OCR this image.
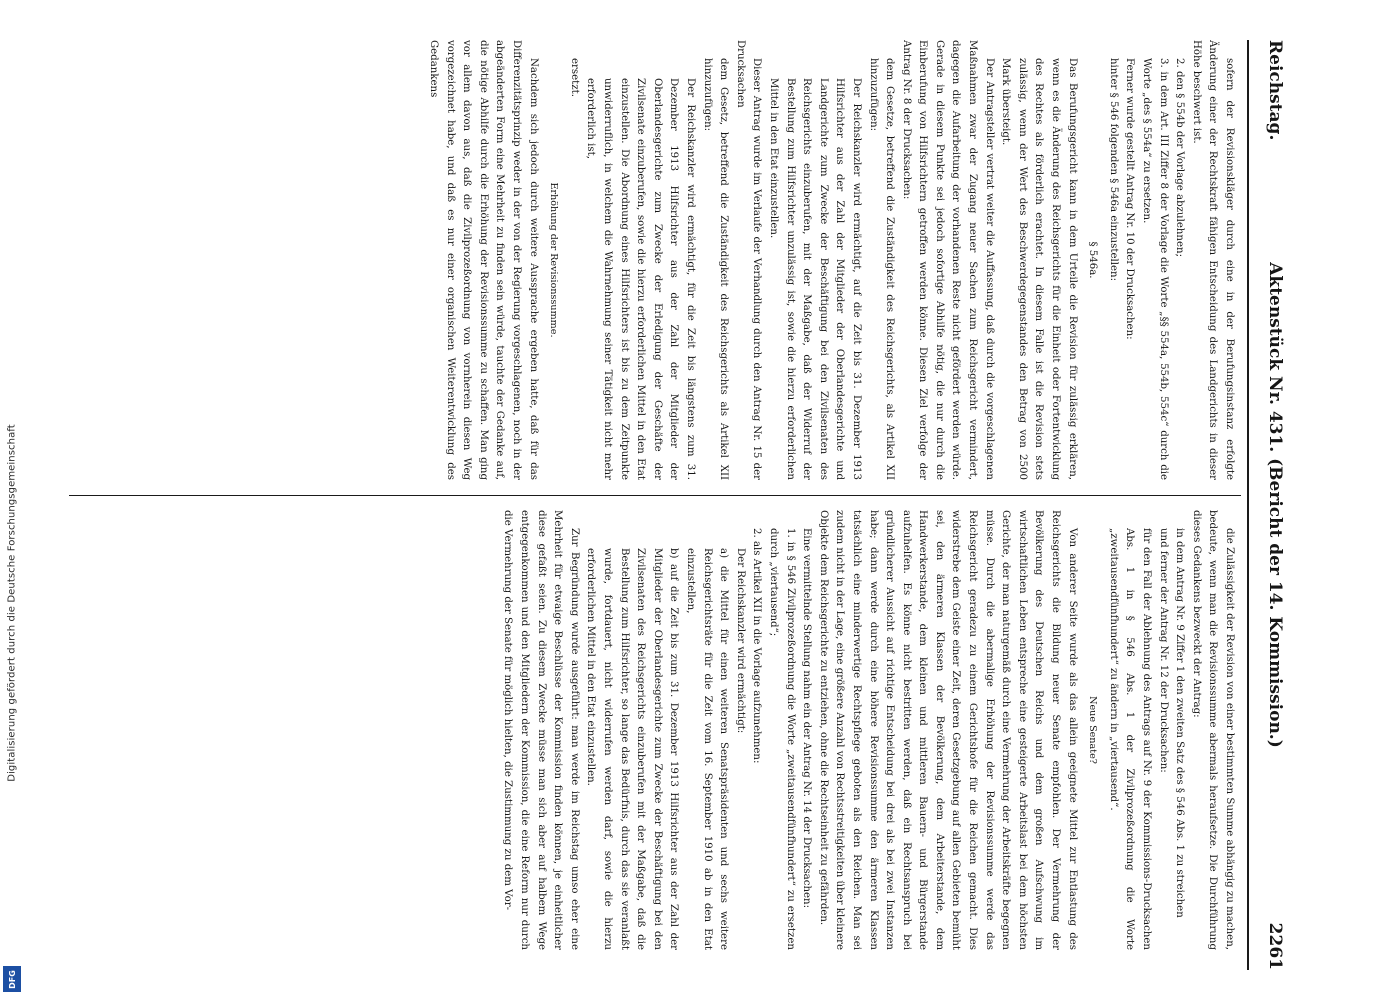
Digitalisierung gefördert durch die Deutsche Forschungsgemeinschaft
DFG
Reichstag.
Aktenstück Nr. 431. (Bericht der 14. Kommission.)
2261

sofern der Revisionskläger durch eine in der Berufungsinstanz erfolgte Änderung einer der Rechtskraft fähigen Entscheidung des Landgerichts in dieser Höhe beschwert ist.

2. den § 554b der Vorlage abzulehnen;

3. in dem Art. III Ziffer 8 der Vorlage die Worte „§§ 554a, 554b, 554c“ durch die Worte „des § 554a“ zu ersetzen.

Ferner wurde gestellt Antrag Nr. 10 der Drucksachen:

hinter § 546 folgenden § 546a einzustellen:

§ 546a.

Das Berufungsgericht kann in dem Urteile die Revision für zulässig erklären, wenn es die Änderung des Reichsgerichts für die Einheit oder Fortentwicklung des Rechtes als förderlich erachtet. In diesem Falle ist die Revision stets zulässig, wenn der Wert des Beschwerdegegenstandes den Betrag von 2500 Mark übersteigt.

Der Antragsteller vertrat weiter die Auffassung, daß durch die vorgeschlagenen Maßnahmen zwar der Zugang neuer Sachen zum Reichsgericht vermindert, dagegen die Aufarbeitung der vorhandenen Reste nicht gefördert werden würde. Gerade in diesem Punkte sei jedoch sofortige Abhilfe nötig, die nur durch die Einberufung von Hilfsrichtern getroffen werden könne. Diesen Ziel verfolge der Antrag Nr. 8 der Drucksachen:

dem Gesetze, betreffend die Zuständigkeit des Reichsgerichts, als Artikel XII hinzuzufügen:

Der Reichskanzler wird ermächtigt, auf die Zeit bis 31. Dezember 1913 Hilfsrichter aus der Zahl der Mitglieder der Oberlandesgerichte und Landgerichte zum Zwecke der Beschäftigung bei den Zivilsenaten des Reichsgerichts einzuberufen, mit der Maßgabe, daß der Widerruf der Bestellung zum Hilfsrichter unzulässig ist, sowie die hierzu erforderlichen Mittel in den Etat einzustellen.

Dieser Antrag wurde im Verlaufe der Verhandlung durch den Antrag Nr. 15 der Drucksachen

dem Gesetz, betreffend die Zuständigkeit des Reichsgerichts als Artikel XII hinzuzufügen:

Der Reichskanzler wird ermächtigt, für die Zeit bis längstens zum 31. Dezember 1913 Hilfsrichter aus der Zahl der Mitglieder der Oberlandesgerichte zum Zwecke der Erledigung der Geschäfte der Zivilsenate einzuberufen, sowie die hierzu erforderlichen Mittel in den Etat einzustellen. Die Abordnung eines Hilfsrichters ist bis zu dem Zeitpunkte unwiderruflich, in welchem die Wahrnehmung seiner Tätigkeit nicht mehr erforderlich ist,

ersetzt.

Erhöhung der Revisionssumme.

Nachdem sich jedoch durch weitere Aussprache ergeben hatte, daß für das Differenzitätsprinzip weder in der von der Regierung vorgeschlagenen, noch in der abgeänderten Form eine Mehrheit zu finden sein würde, tauchte der Gedanke auf, die nötige Abhilfe durch die Erhöhung der Revisionssumme zu schaffen. Man ging vor allem davon aus, daß die Zivilprozeßordnung von vornherein diesen Weg vorgezeichnet habe, und daß es nur einer organischen Weiterentwicklung des Gedankens

die Zulässigkeit der Revision von einer bestimmten Summe abhängig zu machen, bedeute, wenn man die Revisionssumme abermals heraufsetze. Die Durchführung dieses Gedankens bezweckt der Antrag:

in dem Antrag Nr. 9 Ziffer 1 den zweiten Satz des § 546 Abs. 1 zu streichen

und ferner der Antrag Nr. 12 der Drucksachen:

für den Fall der Ablehnung des Antrags auf Nr. 9 der Kommissions-Drucksachen Abs. 1 in § 546 Abs. 1 der Zivilprozeßordnung die Worte „zweitausendfünfhundert“ zu ändern in „viertausend“.

Neue Senate?

Von anderer Seite wurde als das allein geeignete Mittel zur Entlastung des Reichsgerichts die Bildung neuer Senate empfohlen. Der Vermehrung der Bevölkerung des Deutschen Reichs und dem großen Aufschwung im wirtschaftlichen Leben entspreche eine gesteigerte Arbeitslast bei dem höchsten Gerichte, der man naturgemäß durch eine Vermehrung der Arbeitskräfte begegnen müsse. Durch die abermalige Erhöhung der Revisionssumme werde das Reichsgericht geradezu zu einem Gerichtshofe für die Reichen gemacht. Dies widerstrebe dem Geiste einer Zeit, deren Gesetzgebung auf allen Gebieten bemüht sei, den ärmeren Klassen der Bevölkerung, dem Arbeiterstande, dem Handwerkerstande, dem kleinen und mittleren Bauern- und Bürgerstande aufzuhelfen. Es könne nicht bestritten werden, daß ein Rechtsanspruch bei gründlicherer Aussicht auf richtige Entscheidung bei drei als bei zwei Instanzen habe; dann werde durch eine höhere Revisionssumme den ärmeren Klassen tatsächlich eine minderwertige Rechtspflege geboten als den Reichen. Man sei zudem nicht in der Lage, eine größere Anzahl von Rechtsstreitigkeiten über kleinere Objekte dem Reichsgerichte zu entziehen, ohne die Rechtseinheit zu gefährden.

Eine vermittelnde Stellung nahm ein der Antrag Nr. 14 der Drucksachen:

1. in § 546 Zivilprozeßordnung die Worte „zweitausendfünfhundert“ zu ersetzen durch „viertausend“;

2. als Artikel XII in die Vorlage aufzunehmen:

Der Reichskanzler wird ermächtigt:

a) die Mittel für einen weiteren Senatspräsidenten und sechs weitere Reichsgerichtsräte für die Zeit vom 16. September 1910 ab in den Etat einzustellen,

b) auf die Zeit bis zum 31. Dezember 1913 Hilfsrichter aus der Zahl der Mitglieder der Oberlandesgerichte zum Zwecke der Beschäftigung bei den Zivilsenaten des Reichsgerichts einzuberufen mit der Maßgabe, daß die Bestellung zum Hilfsrichter, so lange das Bedürfnis, durch das sie veranlaßt wurde, fortdauert, nicht widerrufen werden darf, sowie die hierzu erforderlichen Mittel in den Etat einzustellen.

Zur Begründung wurde ausgeführt: man werde im Reichstag umso eher eine Mehrheit für etwaige Beschlüsse der Kommission finden können, je einheitlicher diese gefaßt seien. Zu diesem Zwecke müsse man sich aber auf halbem Wege entgegenkommen und den Mitgliedern der Kommission, die eine Reform nur durch die Vermehrung der Senate für möglich hielten, die Zustimmung zu dem Vor-
